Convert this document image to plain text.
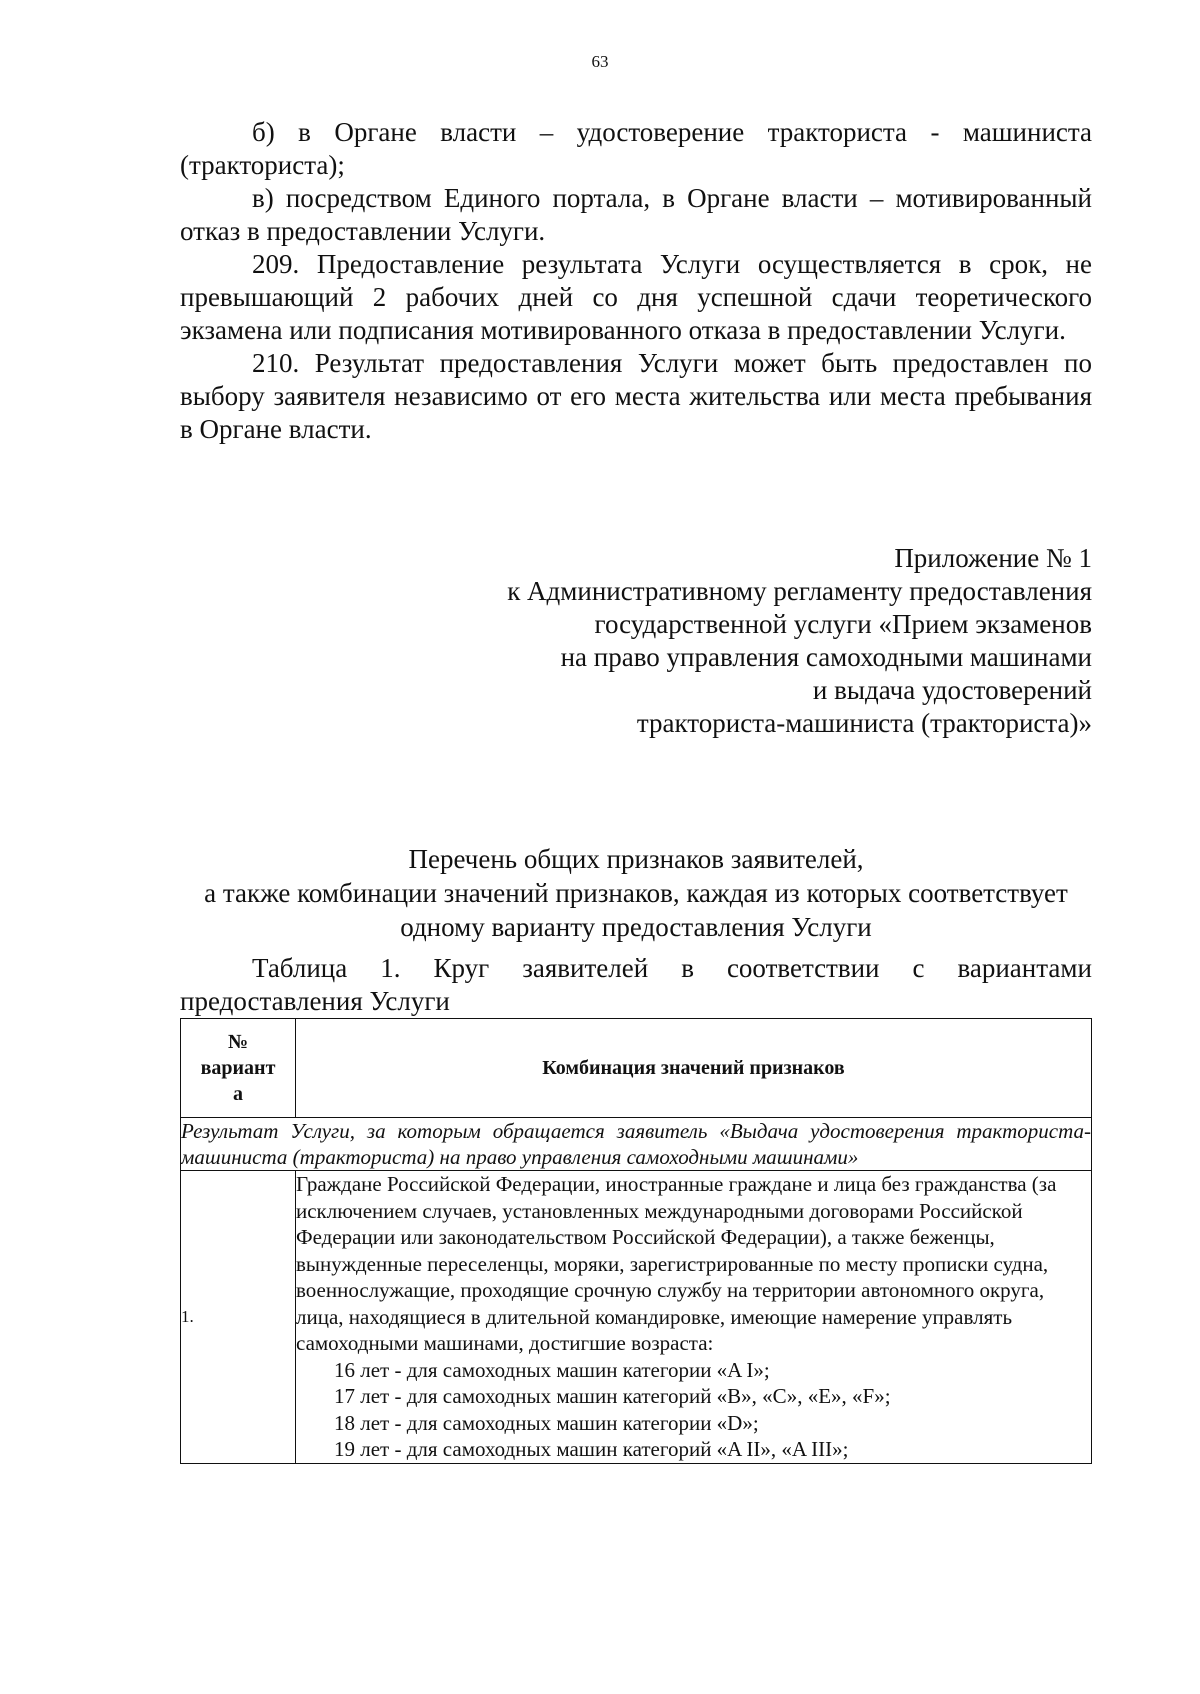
63

б) в Органе власти – удостоверение тракториста - машиниста (тракториста);

в) посредством Единого портала, в Органе власти – мотивированный отказ в предоставлении Услуги.

209. Предоставление результата Услуги осуществляется в срок, не превышающий 2 рабочих дней со дня успешной сдачи теоретического экзамена или подписания мотивированного отказа в предоставлении Услуги.

210. Результат предоставления Услуги может быть предоставлен по выбору заявителя независимо от его места жительства или места пребывания в Органе власти.

Приложение № 1
к Административному регламенту предоставления
государственной услуги «Прием экзаменов
на право управления самоходными машинами
и выдача удостоверений
тракториста-машиниста (тракториста)»
Перечень общих признаков заявителей,
а также комбинации значений признаков, каждая из которых соответствует
одному варианту предоставления Услуги
Таблица 1. Круг заявителей в соответствии с вариантами
предоставления Услуги
№
вариант
а	Комбинация значений признаков
Результат Услуги, за которым обращается заявитель «Выдача удостоверения тракториста-машиниста (тракториста) на право управления самоходными машинами»	
1.	Граждане Российской Федерации, иностранные граждане и лица без гражданства (за исключением случаев, установленных международными договорами Российской Федерации или законодательством Российской Федерации), а также беженцы, вынужденные переселенцы, моряки, зарегистрированные по месту прописки судна, военнослужащие, проходящие срочную службу на территории автономного округа, лица, находящиеся в длительной командировке, имеющие намерение управлять самоходными машинами, достигшие возраста:
16 лет - для самоходных машин категории «A I»;
17 лет - для самоходных машин категорий «B», «C», «E», «F»;
18 лет - для самоходных машин категории «D»;
19 лет - для самоходных машин категорий «A II», «A III»;
